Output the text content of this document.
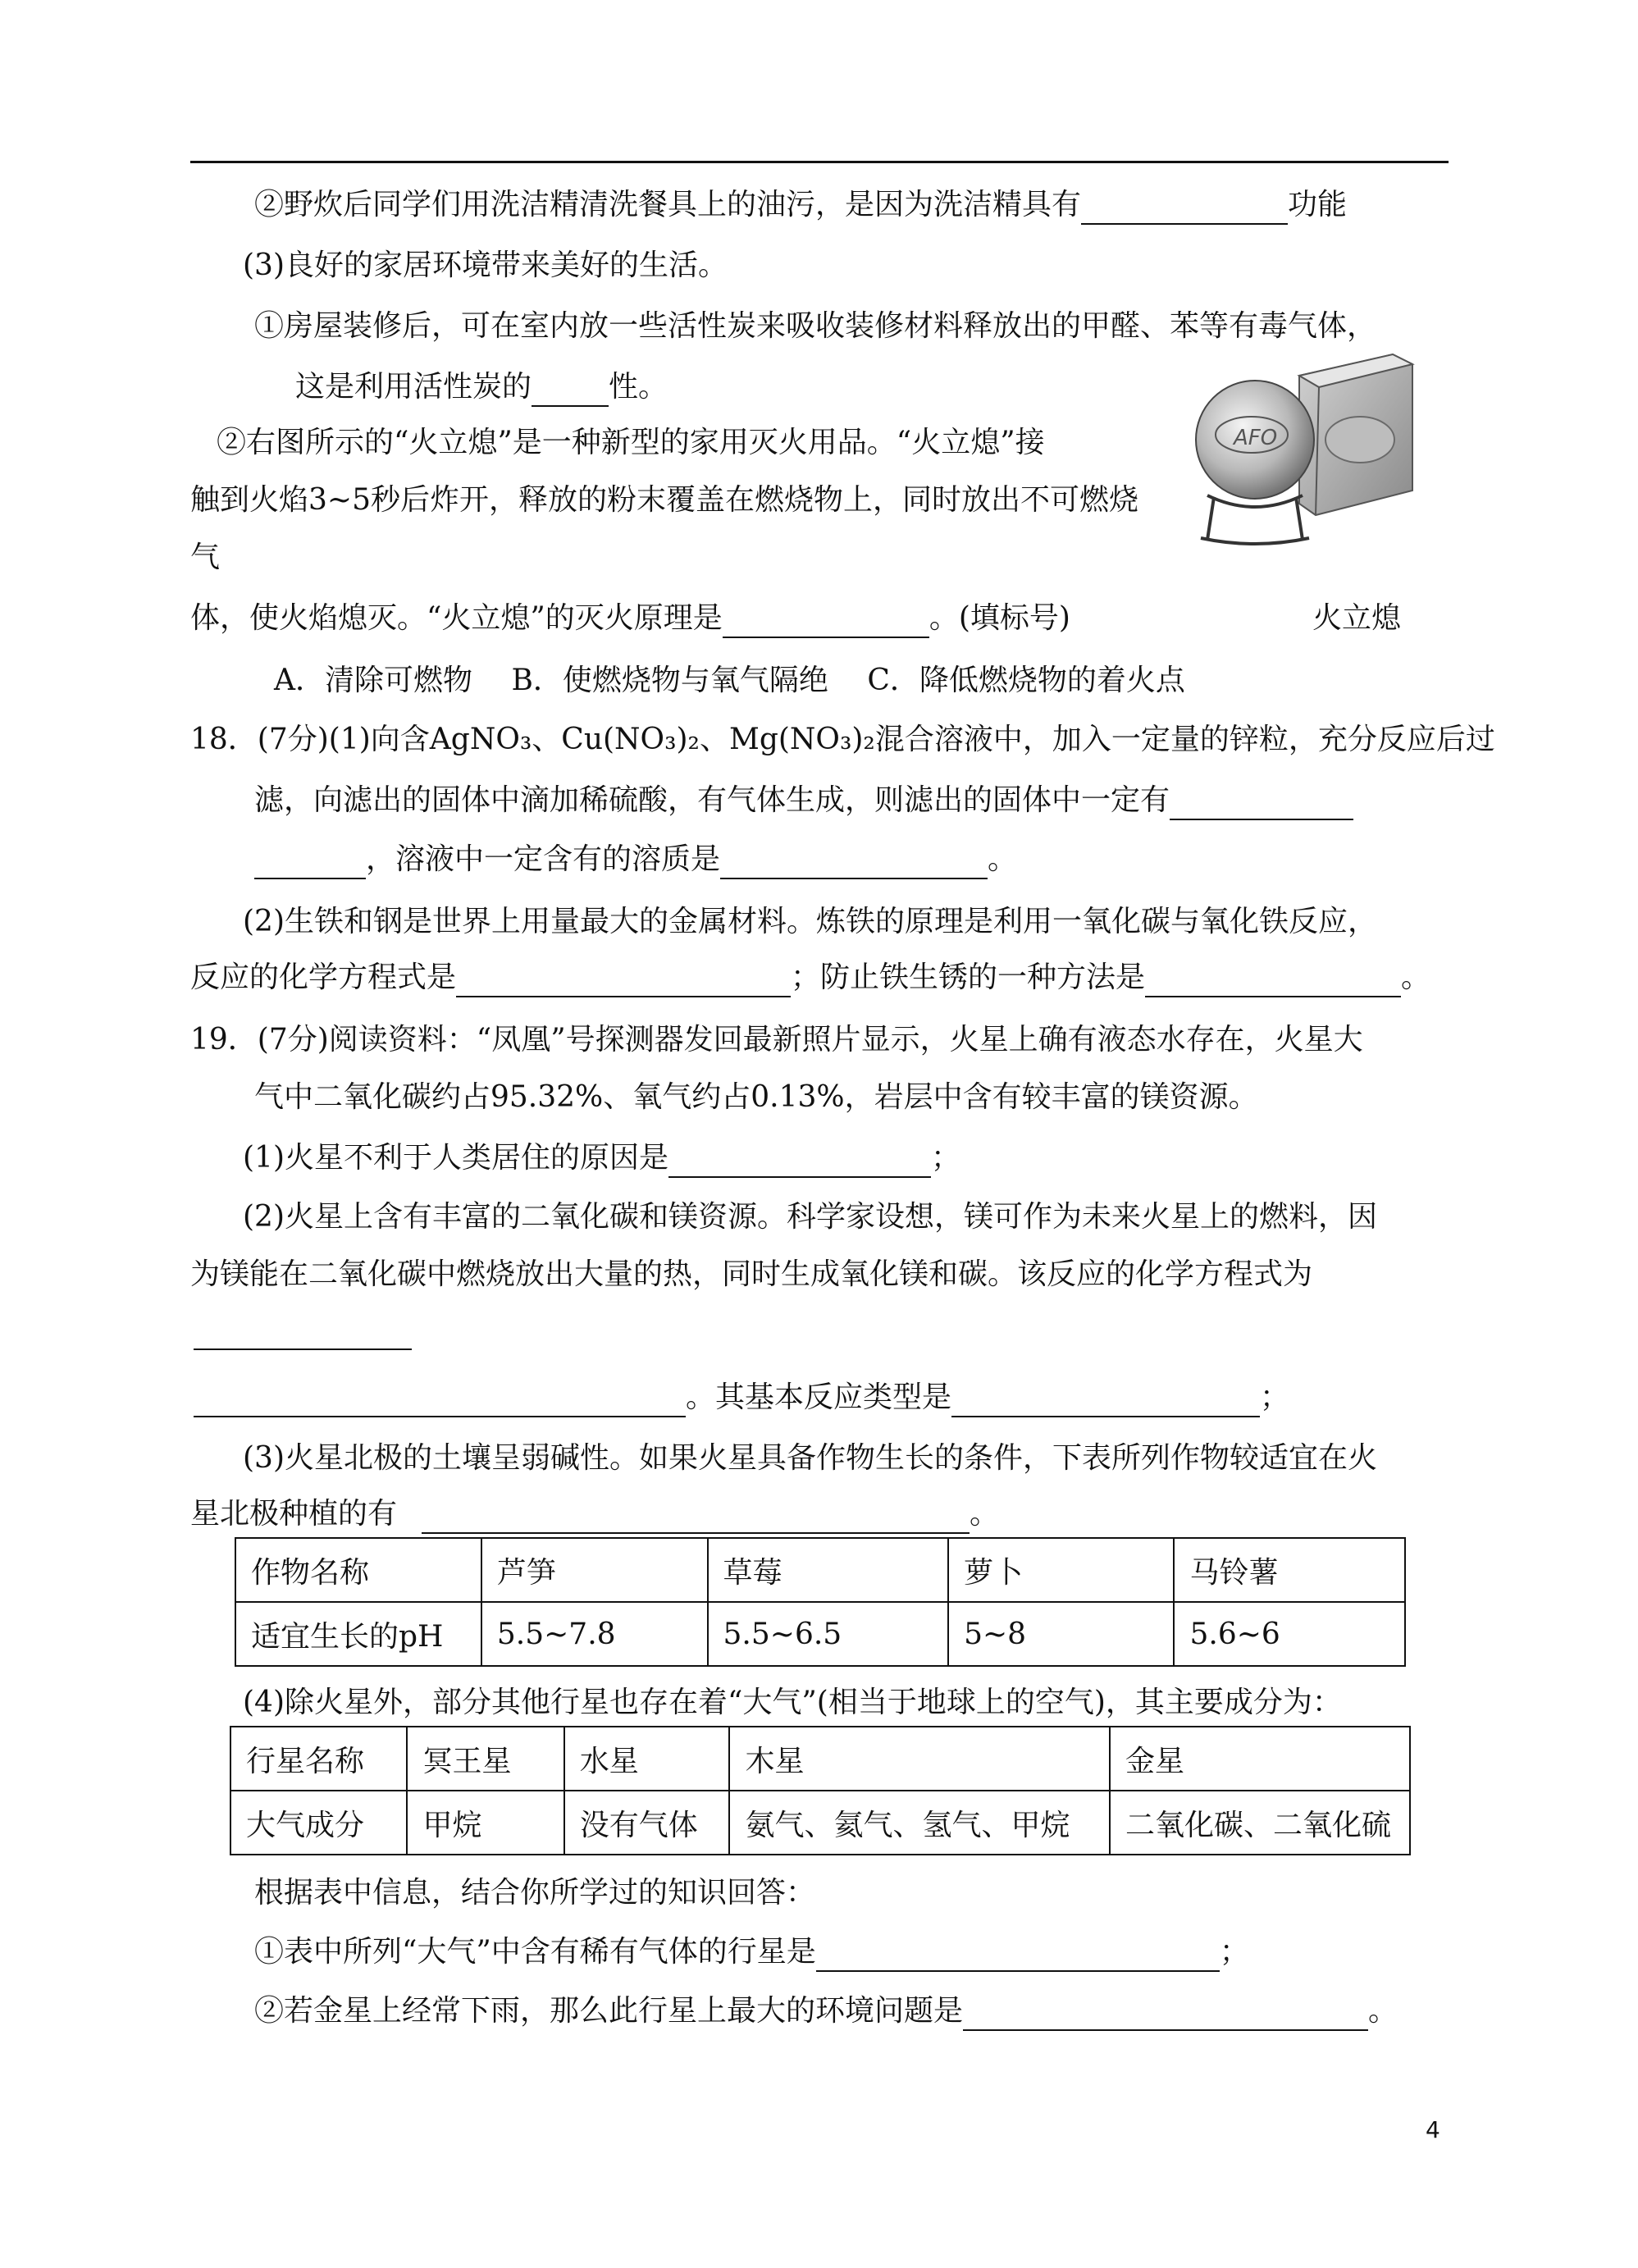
②野炊后同学们用洗洁精清洗餐具上的油污，是因为洗洁精具有	功能
(3)良好的家居环境带来美好的生活。
①房屋装修后，可在室内放一些活性炭来吸收装修材料释放出的甲醛、苯等有毒气体，
这是利用活性炭的	性。
②右图所示的“火立熄”是一种新型的家用灭火用品。“火立熄”接
触到火焰3~5秒后炸开，释放的粉末覆盖在燃烧物上，同时放出不可燃烧
气
体，使火焰熄灭。“火立熄”的灭火原理是	。(填标号)
AFO
火立熄
A．清除可燃物　 B．使燃烧物与氧气隔绝　 C．降低燃烧物的着火点
18．(7分)(1)向含AgNO₃、Cu(NO₃)₂、Mg(NO₃)₂混合溶液中，加入一定量的锌粒，充分反应后过
滤，向滤出的固体中滴加稀硫酸，有气体生成，则滤出的固体中一定有
，溶液中一定含有的溶质是	。
(2)生铁和钢是世界上用量最大的金属材料。炼铁的原理是利用一氧化碳与氧化铁反应，
反应的化学方程式是	；防止铁生锈的一种方法是	。
19．(7分)阅读资料：“凤凰”号探测器发回最新照片显示，火星上确有液态水存在，火星大
气中二氧化碳约占95.32%、氧气约占0.13%，岩层中含有较丰富的镁资源。
(1)火星不利于人类居住的原因是	；
(2)火星上含有丰富的二氧化碳和镁资源。科学家设想，镁可作为未来火星上的燃料，因
为镁能在二氧化碳中燃烧放出大量的热，同时生成氧化镁和碳。该反应的化学方程式为
。其基本反应类型是	；
(3)火星北极的土壤呈弱碱性。如果火星具备作物生长的条件，下表所列作物较适宜在火
星北极种植的有	。
作物名称	芦笋	草莓	萝卜	马铃薯
适宜生长的pH	5.5~7.8	5.5~6.5	5~8	5.6~6
(4)除火星外，部分其他行星也存在着“大气”(相当于地球上的空气)，其主要成分为：
行星名称	冥王星	水星	木星	金星
大气成分	甲烷	没有气体	氨气、氦气、氢气、甲烷	二氧化碳、二氧化硫
根据表中信息，结合你所学过的知识回答：
①表中所列“大气”中含有稀有气体的行星是	；
②若金星上经常下雨，那么此行星上最大的环境问题是	。
4
